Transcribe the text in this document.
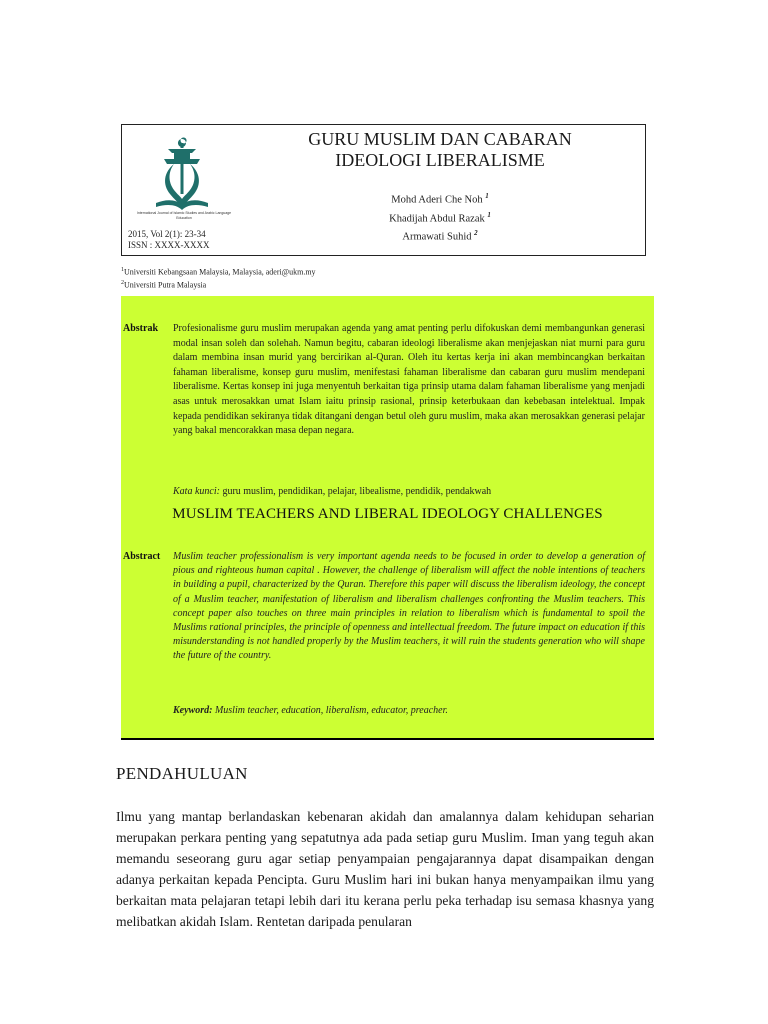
International Journal of Islamic Studies and Arabic Language Education
2015, Vol 2(1): 23-34
ISSN : XXXX-XXXX
GURU MUSLIM DAN CABARAN
IDEOLOGI LIBERALISME
Mohd Aderi Che Noh $^1$
Khadijah Abdul Razak $^1$
Armawati Suhid $^2$
$^1$Universiti Kebangsaan Malaysia, Malaysia, aderi@ukm.my
$^2$Universiti Putra Malaysia
Abstrak Profesionalisme guru muslim merupakan agenda yang amat penting perlu difokuskan demi membangunkan generasi modal insan soleh dan solehah. Namun begitu, cabaran ideologi liberalisme akan menjejaskan niat murni para guru dalam membina insan murid yang bercirikan al-Quran. Oleh itu kertas kerja ini akan membincangkan berkaitan fahaman liberalisme, konsep guru muslim, menifestasi fahaman liberalisme dan cabaran guru muslim mendepani liberalisme. Kertas konsep ini juga menyentuh berkaitan tiga prinsip utama dalam fahaman liberalisme yang menjadi asas untuk merosakkan umat Islam iaitu prinsip rasional, prinsip keterbukaan dan kebebasan intelektual. Impak kepada pendidikan sekiranya tidak ditangani dengan betul oleh guru muslim, maka akan merosakkan generasi pelajar yang bakal mencorakkan masa depan negara.
Kata kunci: guru muslim, pendidikan, pelajar, libealisme, pendidik, pendakwah
MUSLIM TEACHERS AND LIBERAL IDEOLOGY CHALLENGES
Abstract Muslim teacher professionalism is very important agenda needs to be focused in order to develop a generation of pious and righteous human capital . However, the challenge of liberalism will affect the noble intentions of teachers in building a pupil, characterized by the Quran. Therefore this paper will discuss the liberalism ideology, the concept of a Muslim teacher, manifestation of liberalism and liberalism challenges confronting the Muslim teachers. This concept paper also touches on three main principles in relation to liberalism which is fundamental to spoil the Muslims rational principles, the principle of openness and intellectual freedom. The future impact on education if this misunderstanding is not handled properly by the Muslim teachers, it will ruin the students generation who will shape the future of the country.
Keyword: Muslim teacher, education, liberalism, educator, preacher.
PENDAHULUAN
Ilmu yang mantap berlandaskan kebenaran akidah dan amalannya dalam kehidupan seharian merupakan perkara penting yang sepatutnya ada pada setiap guru Muslim. Iman yang teguh akan memandu seseorang guru agar setiap penyampaian pengajarannya dapat disampaikan dengan adanya perkaitan kepada Pencipta. Guru Muslim hari ini bukan hanya menyampaikan ilmu yang berkaitan mata pelajaran tetapi lebih dari itu kerana perlu peka terhadap isu semasa khasnya yang melibatkan akidah Islam. Rentetan daripada penularan
